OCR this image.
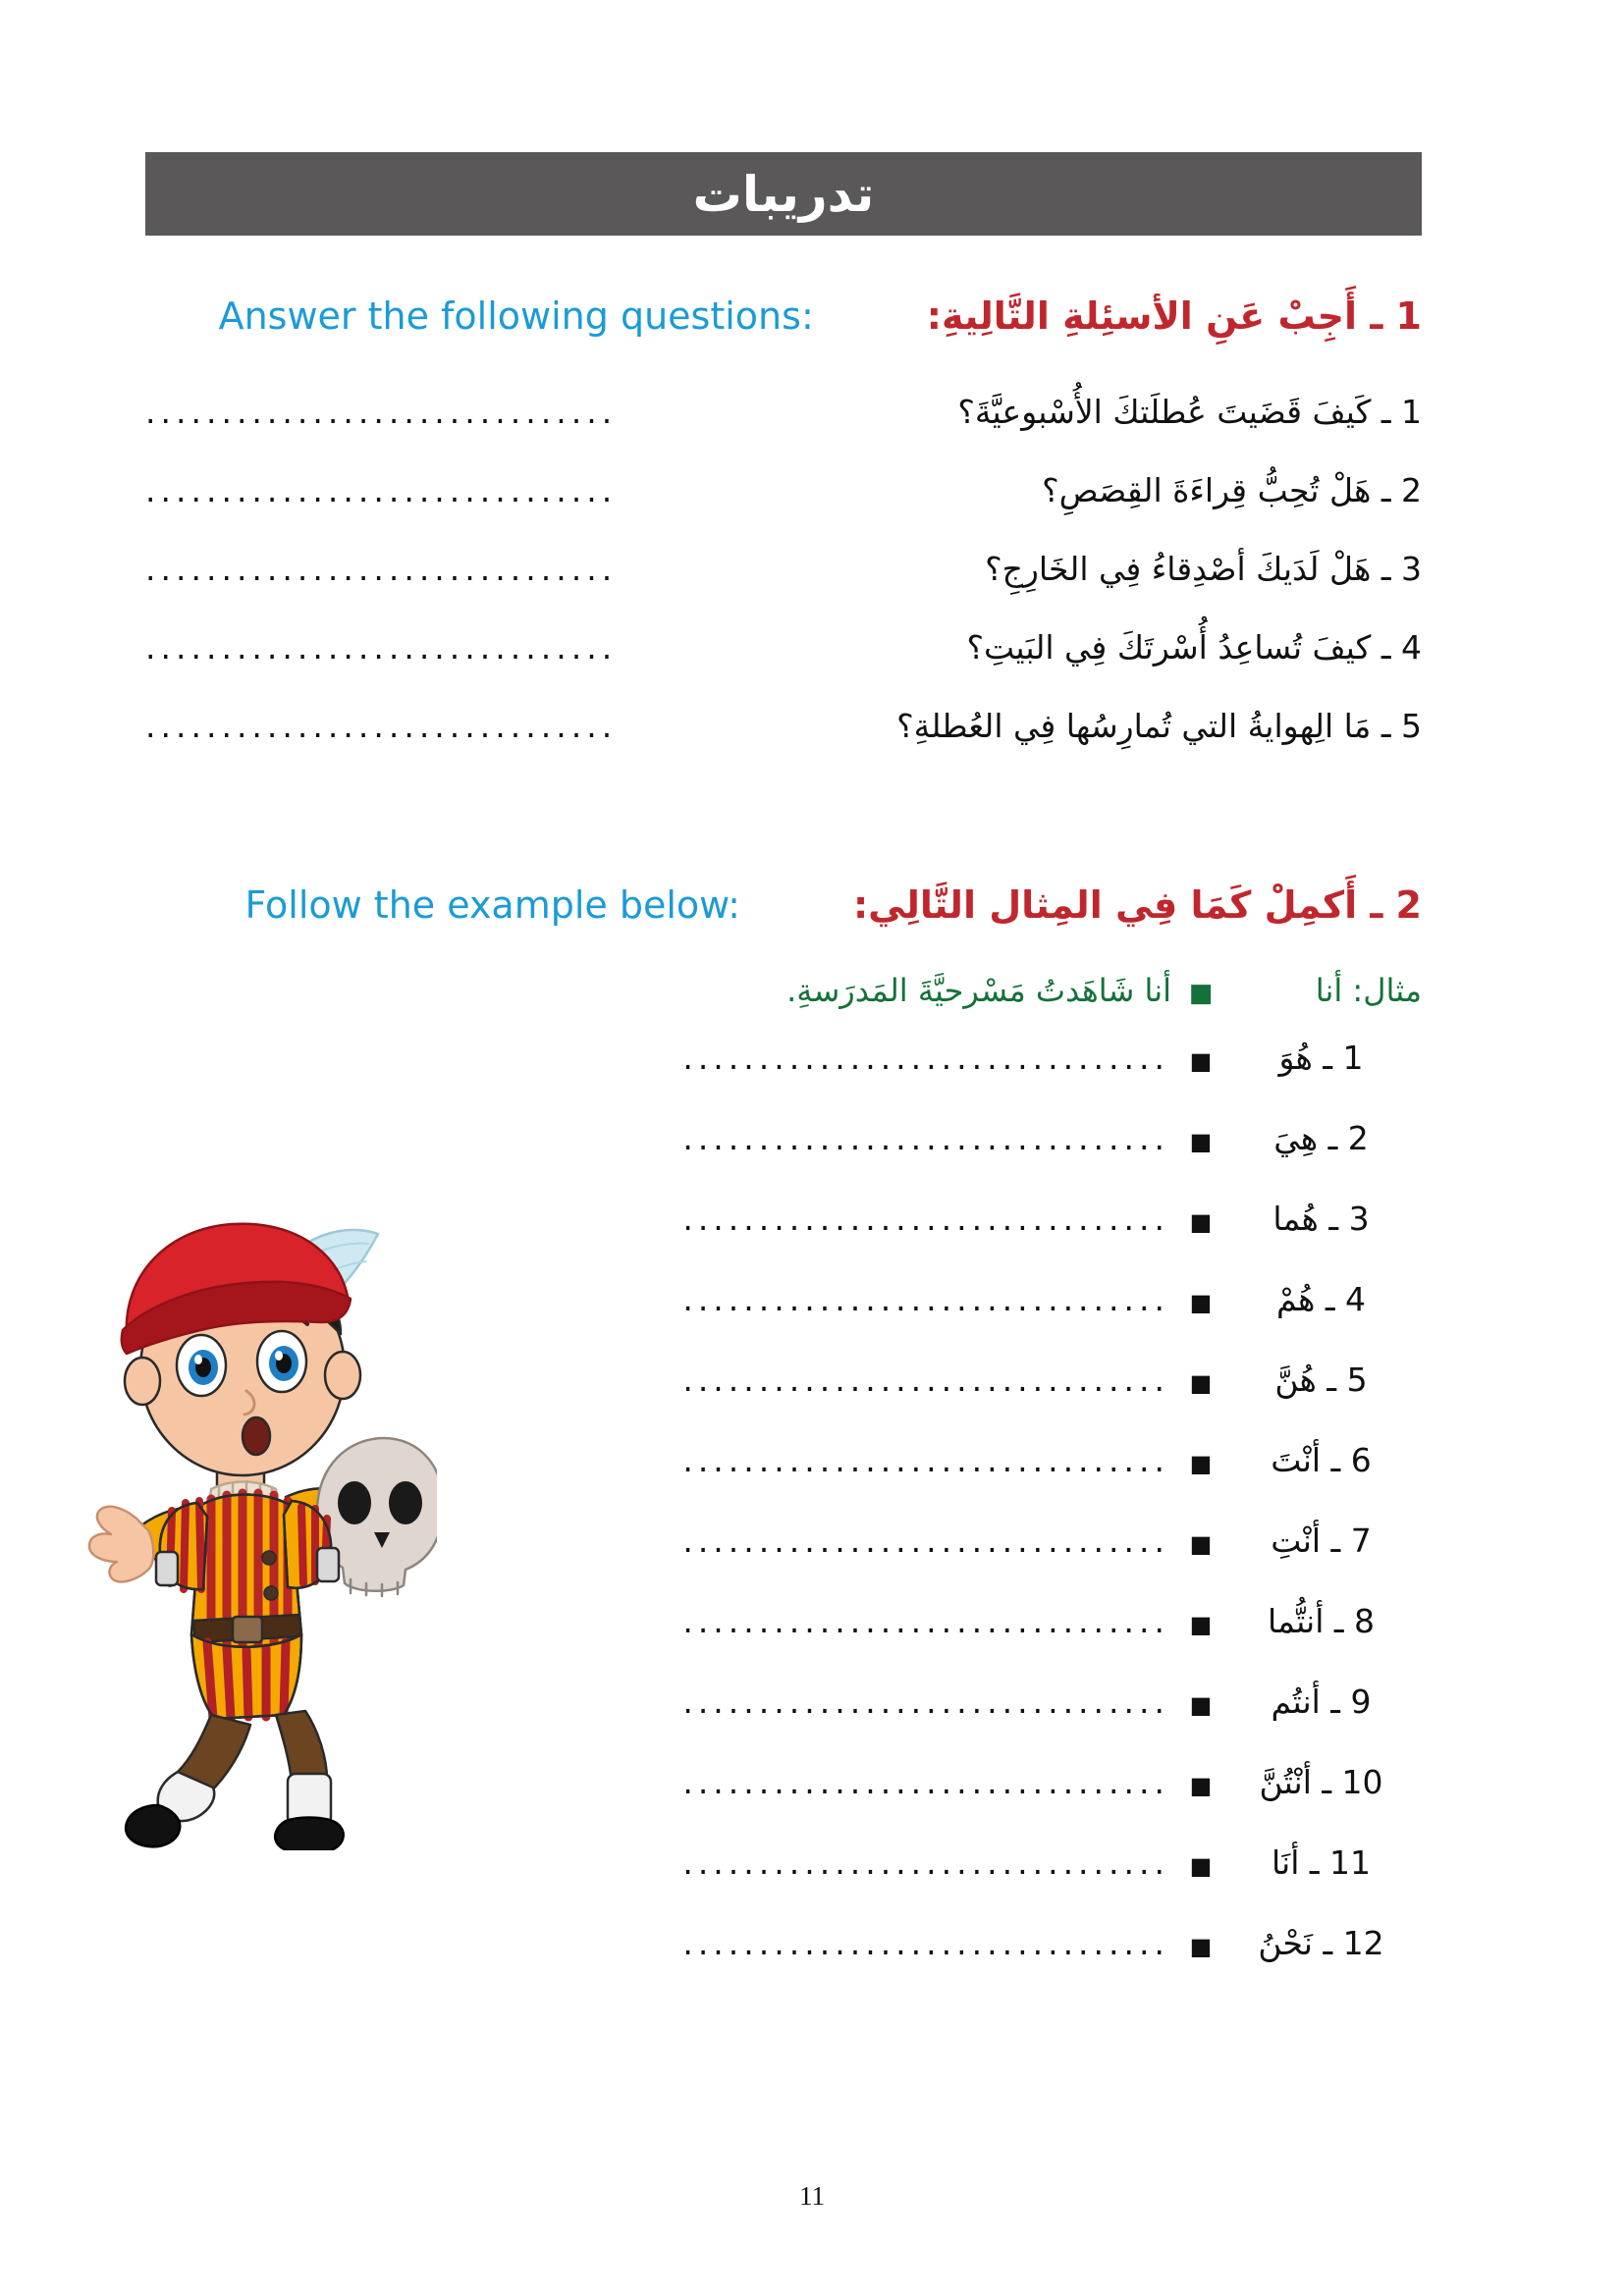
تدريبات
1 ـ أَجِبْ عَنِ الأسئِلةِ التَّالِيةِ:
Answer the following questions:
1 ـ كَيفَ قَضَيتَ عُطلَتكَ الأُسْبوعيَّةَ؟
...............................
2 ـ هَلْ تُحِبُّ قِراءَةَ القِصَصِ؟
...............................
3 ـ هَلْ لَدَيكَ أصْدِقاءُ فِي الخَارِجِ؟
...............................
4 ـ كيفَ تُساعِدُ أُسْرتَكَ فِي البَيتِ؟
...............................
5 ـ مَا الِهوايةُ التي تُمارِسُها فِي العُطلةِ؟
...............................
2 ـ أَكمِلْ كَمَا فِي المِثال التَّالِي:
Follow the example below:
مثال: أنا
■
أنا شَاهَدتُ مَسْرحيَّةَ المَدرَسةِ.
1 ـ هُوَ
■
................................
2 ـ هِيَ
■
................................
3 ـ هُما
■
................................
4 ـ هُمْ
■
................................
5 ـ هُنَّ
■
................................
6 ـ أنْتَ
■
................................
7 ـ أنْتِ
■
................................
8 ـ أنتُّما
■
................................
9 ـ أنتُم
■
................................
10 ـ أنْتُنَّ
■
................................
11 ـ أنَا
■
................................
12 ـ نَحْنُ
■
................................
11
